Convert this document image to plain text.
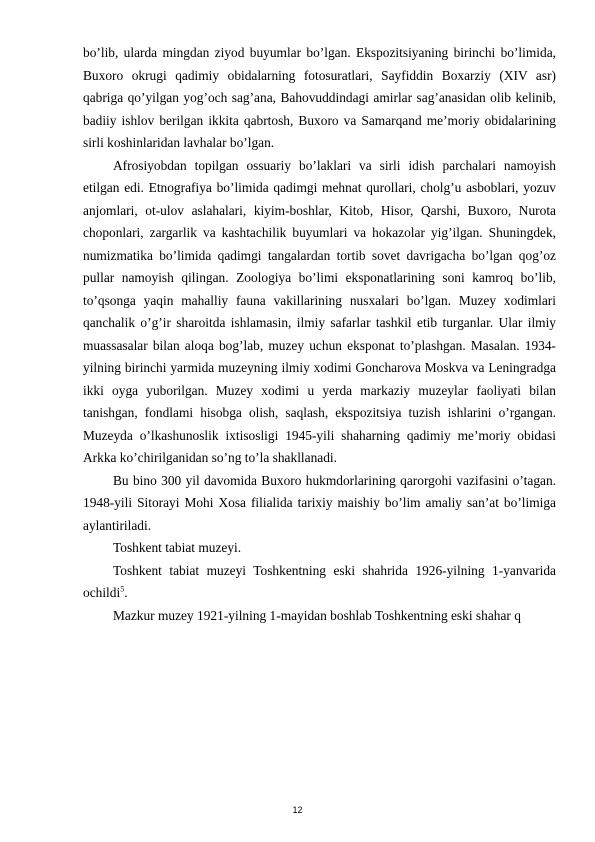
bo’lib, ularda mingdan ziyod buyumlar bo’lgan. Ekspozitsiyaning birinchi bo’limida, Buxoro okrugi qadimiy obidalarning fotosuratlari, Sayfiddin Boxarziy (XIV asr) qabriga qo’yilgan yog’och sag’ana, Bahovuddindagi amirlar sag’anasidan olib kelinib, badiiy ishlov berilgan ikkita qabrtosh, Buxoro va Samarqand me’moriy obidalarining sirli koshinlaridan lavhalar bo’lgan.

Afrosiyobdan topilgan ossuariy bo’laklari va sirli idish parchalari namoyish etilgan edi. Etnografiya bo’limida qadimgi mehnat qurollari, cholg’u asboblari, yozuv anjomlari, ot-ulov aslahalari, kiyim-boshlar, Kitob, Hisor, Qarshi, Buxoro, Nurota choponlari, zargarlik va kashtachilik buyumlari va hokazolar yig’ilgan. Shuningdek, numizmatika bo’limida qadimgi tangalardan tortib sovet davrigacha bo’lgan qog’oz pullar namoyish qilingan. Zoologiya bo’limi eksponatlarining soni kamroq bo’lib, to’qsonga yaqin mahalliy fauna vakillarining nusxalari bo’lgan. Muzey xodimlari qanchalik o’g’ir sharoitda ishlamasin, ilmiy safarlar tashkil etib turganlar. Ular ilmiy muassasalar bilan aloqa bog’lab, muzey uchun eksponat to’plashgan. Masalan. 1934-yilning birinchi yarmida muzeyning ilmiy xodimi Goncharova Moskva va Leningradga ikki oyga yuborilgan. Muzey xodimi u yerda markaziy muzeylar faoliyati bilan tanishgan, fondlami hisobga olish, saqlash, ekspozitsiya tuzish ishlarini o’rgangan. Muzeyda o’lkashunoslik ixtisosligi 1945-yili shaharning qadimiy me’moriy obidasi Arkka ko’chirilganidan so’ng to’la shakllanadi.

Bu bino 300 yil davomida Buxoro hukmdorlarining qarorgohi vazifasini o’tagan. 1948-yili Sitorayi Mohi Xosa filialida tarixiy maishiy bo’lim amaliy san’at bo’limiga aylantiriladi.

Toshkent tabiat muzeyi.

Toshkent tabiat muzeyi Toshkentning eski shahrida 1926-yilning 1-yanvarida ochildi$^5$.

Mazkur muzey 1921-yilning 1-mayidan boshlab Toshkentning eski shahar q

12
